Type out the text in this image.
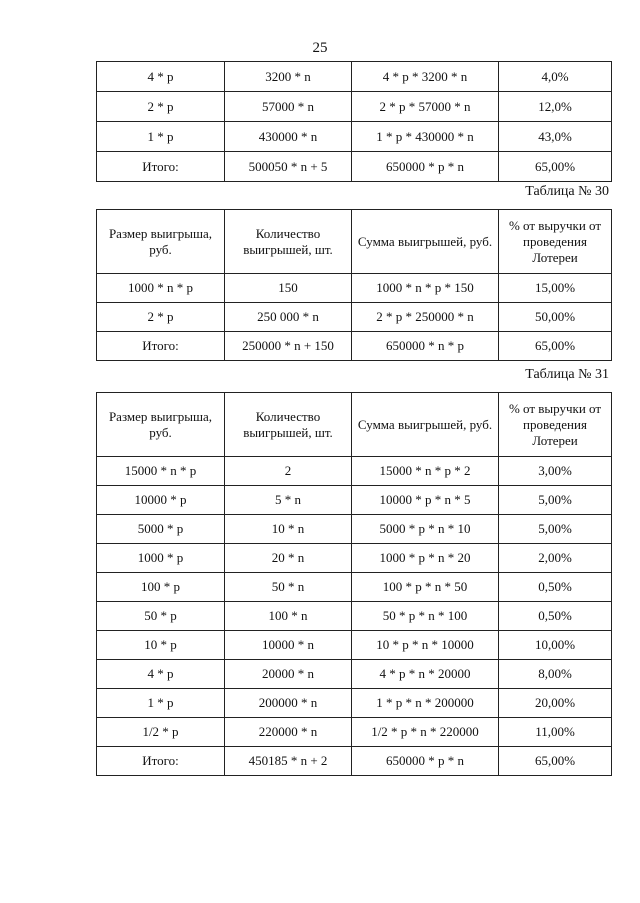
25
4 * p	3200 * n	4 * p * 3200 * n	4,0%
2 * p	57000 * n	2 * p * 57000 * n	12,0%
1 * p	430000 * n	1 * p * 430000 * n	43,0%
Итого:	500050 * n + 5	650000 * p * n	65,00%
Таблица № 30
Размер выигрыша, руб.	Количество выигрышей, шт.	Сумма выигрышей, руб.	% от выручки от проведения Лотереи
1000 * n * p	150	1000 * n * p * 150	15,00%
2 * p	250 000 * n	2 * p * 250000 * n	50,00%
Итого:	250000 * n + 150	650000 * n * p	65,00%
Таблица № 31
Размер выигрыша, руб.	Количество выигрышей, шт.	Сумма выигрышей, руб.	% от выручки от проведения Лотереи
15000 * n * p	2	15000 * n * p * 2	3,00%
10000 * p	5 * n	10000 * p * n * 5	5,00%
5000 * p	10 * n	5000 * p * n * 10	5,00%
1000 * p	20 * n	1000 * p * n * 20	2,00%
100 * p	50 * n	100 * p * n * 50	0,50%
50 * p	100 * n	50 * p * n * 100	0,50%
10 * p	10000 * n	10 * p * n * 10000	10,00%
4 * p	20000 * n	4 * p * n * 20000	8,00%
1 * p	200000 * n	1 * p * n * 200000	20,00%
1/2 * p	220000 * n	1/2 * p * n * 220000	11,00%
Итого:	450185 * n + 2	650000 * p * n	65,00%
